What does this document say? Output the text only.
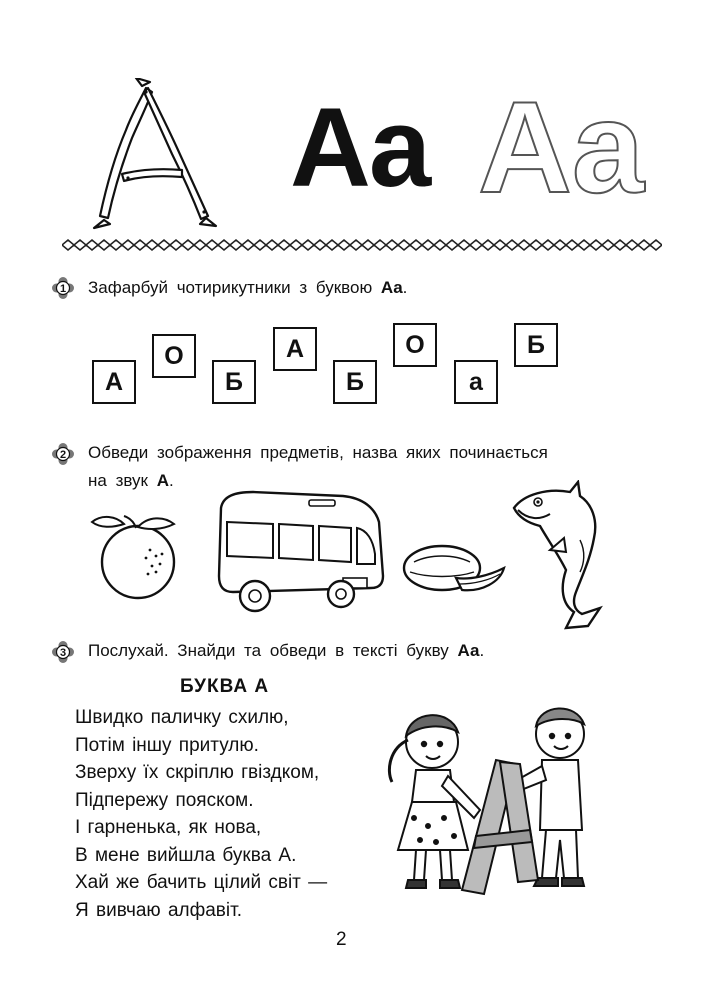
Aa Aa
1 Зафарбуй чотирикутники з буквою Aa.
А
О
Б
А
Б
О
а
Б
2 Обведи зображення предметів, назва яких починається
на звук А.
3 Послухай. Знайди та обведи в тексті букву Аа.
БУКВА А
Швидко паличку схилю,
Потім іншу притулю.
Зверху їх скріплю гвіздком,
Підпережу пояском.
І гарненька, як нова,
В мене вийшла буква А.
Хай же бачить цілий світ —
Я вивчаю алфавіт.
2
